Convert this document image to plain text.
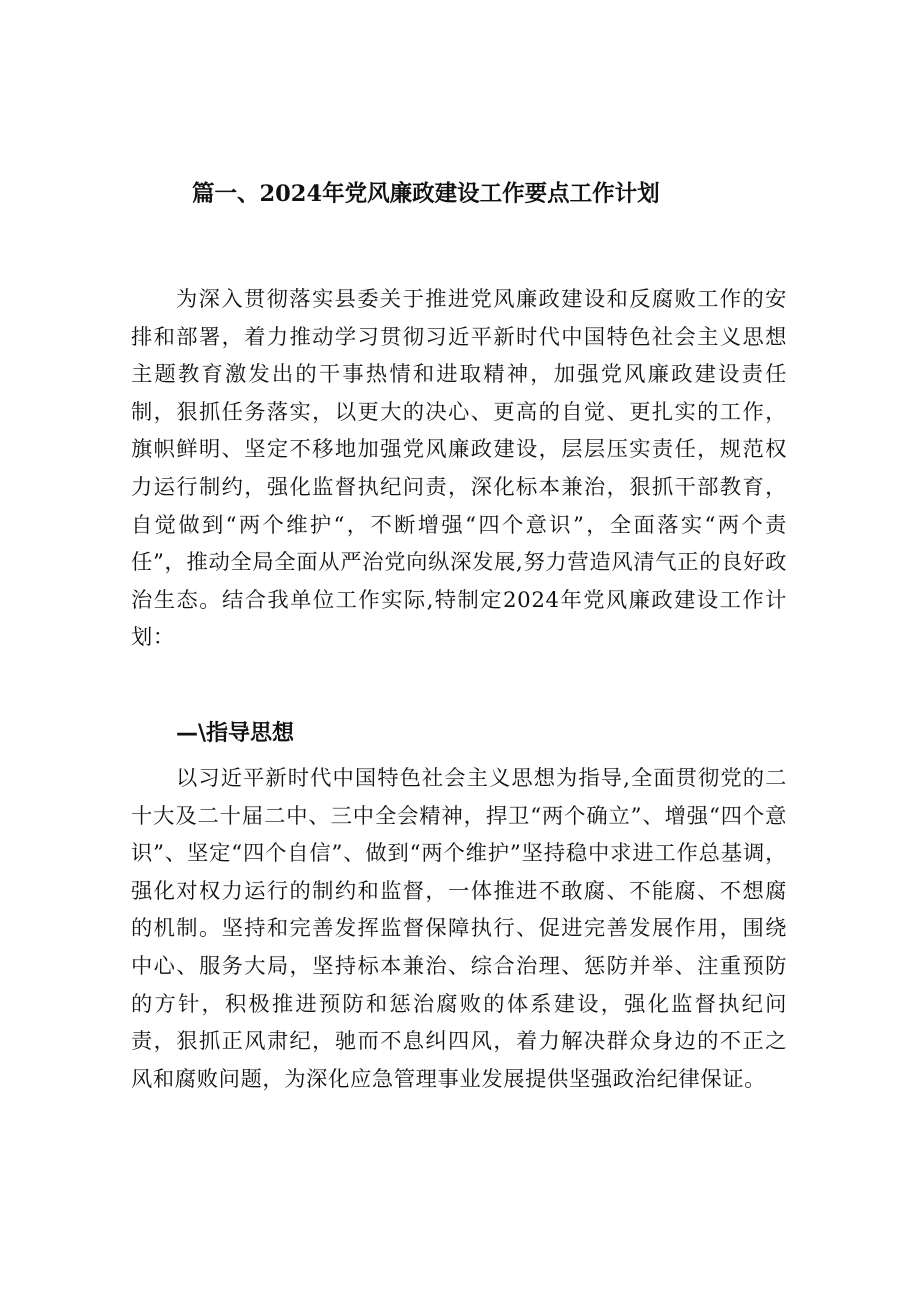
篇一、2024年党风廉政建设工作要点工作计划

为深入贯彻落实县委关于推进党风廉政建设和反腐败工作的安排和部署，着力推动学习贯彻习近平新时代中国特色社会主义思想主题教育激发出的干事热情和进取精神，加强党风廉政建设责任制，狠抓任务落实，以更大的决心、更高的自觉、更扎实的工作，旗帜鲜明、坚定不移地加强党风廉政建设，层层压实责任，规范权力运行制约，强化监督执纪问责，深化标本兼治，狠抓干部教育，自觉做到“两个维护“，不断增强“四个意识”，全面落实“两个责任”，推动全局全面从严治党向纵深发展,努力营造风清气正的良好政治生态。结合我单位工作实际,特制定2024年党风廉政建设工作计划：

—\指导思想

以习近平新时代中国特色社会主义思想为指导,全面贯彻党的二十大及二十届二中、三中全会精神，捍卫“两个确立”、增强“四个意识”、坚定“四个自信”、做到“两个维护”坚持稳中求进工作总基调，强化对权力运行的制约和监督，一体推进不敢腐、不能腐、不想腐的机制。坚持和完善发挥监督保障执行、促进完善发展作用，围绕中心、服务大局，坚持标本兼治、综合治理、惩防并举、注重预防的方针，积极推进预防和惩治腐败的体系建设，强化监督执纪问责，狠抓正风肃纪，驰而不息纠四风，着力解决群众身边的不正之风和腐败问题，为深化应急管理事业发展提供坚强政治纪律保证。
